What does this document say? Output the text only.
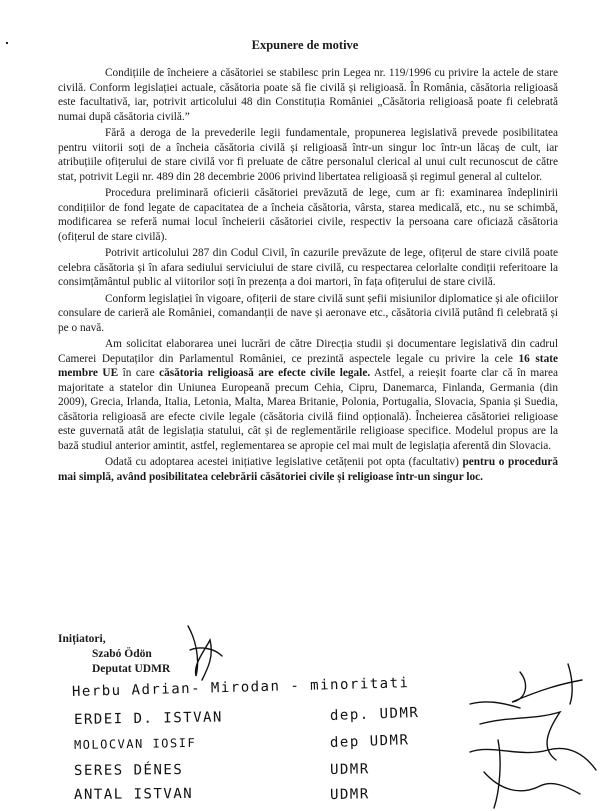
Expunere de motive

Condițiile de încheiere a căsătoriei se stabilesc prin Legea nr. 119/1996 cu privire la actele de stare civilă. Conform legislației actuale, căsătoria poate să fie civilă și religioasă. În România, căsătoria religioasă este facultativă, iar, potrivit articolului 48 din Constituția României „Căsătoria religioasă poate fi celebrată numai după căsătoria civilă.”

Fără a deroga de la prevederile legii fundamentale, propunerea legislativă prevede posibilitatea pentru viitorii soți de a încheia căsătoria civilă și religioasă într-un singur loc într-un lăcaș de cult, iar atribuțiile ofițerului de stare civilă vor fi preluate de către personalul clerical al unui cult recunoscut de către stat, potrivit Legii nr. 489 din 28 decembrie 2006 privind libertatea religioasă și regimul general al cultelor.

Procedura preliminară oficierii căsătoriei prevăzută de lege, cum ar fi: examinarea îndeplinirii condițiilor de fond legate de capacitatea de a încheia căsătoria, vârsta, starea medicală, etc., nu se schimbă, modificarea se referă numai locul încheierii căsătoriei civile, respectiv la persoana care oficiază căsătoria (ofițerul de stare civilă).

Potrivit articolului 287 din Codul Civil, în cazurile prevăzute de lege, ofițerul de stare civilă poate celebra căsătoria și în afara sediului serviciului de stare civilă, cu respectarea celorlalte condiții referitoare la consimțământul public al viitorilor soți în prezența a doi martori, în fața ofițerului de stare civilă.

Conform legislației în vigoare, ofițerii de stare civilă sunt șefii misiunilor diplomatice și ale oficiilor consulare de carieră ale României, comandanții de nave și aeronave etc., căsătoria civilă putând fi celebrată și pe o navă.

Am solicitat elaborarea unei lucrări de către Direcția studii și documentare legislativă din cadrul Camerei Deputaților din Parlamentul României, ce prezintă aspectele legale cu privire la cele 16 state membre UE în care căsătoria religioasă are efecte civile legale. Astfel, a reieșit foarte clar că în marea majoritate a statelor din Uniunea Europeană precum Cehia, Cipru, Danemarca, Finlanda, Germania (din 2009), Grecia, Irlanda, Italia, Letonia, Malta, Marea Britanie, Polonia, Portugalia, Slovacia, Spania și Suedia, căsătoria religioasă are efecte civile legale (căsătoria civilă fiind opțională). Încheierea căsătoriei religioase este guvernată atât de legislația statului, cât și de reglementările religioase specifice. Modelul propus are la bază studiul anterior amintit, astfel, reglementarea se apropie cel mai mult de legislația aferentă din Slovacia.

Odată cu adoptarea acestei inițiative legislative cetățenii pot opta (facultativ) pentru o procedură mai simplă, având posibilitatea celebrării căsătoriei civile și religioase într-un singur loc.

Inițiatori,
Szabó Ödön
Deputat UDMR
Herbu Adrian- Mirodan - minoritati
ERDEI D. ISTVAN	dep. UDMR
MOLOCVAN IOSIF	dep UDMR
SERES DÉNES	UDMR
ANTAL ISTVAN	UDMR
